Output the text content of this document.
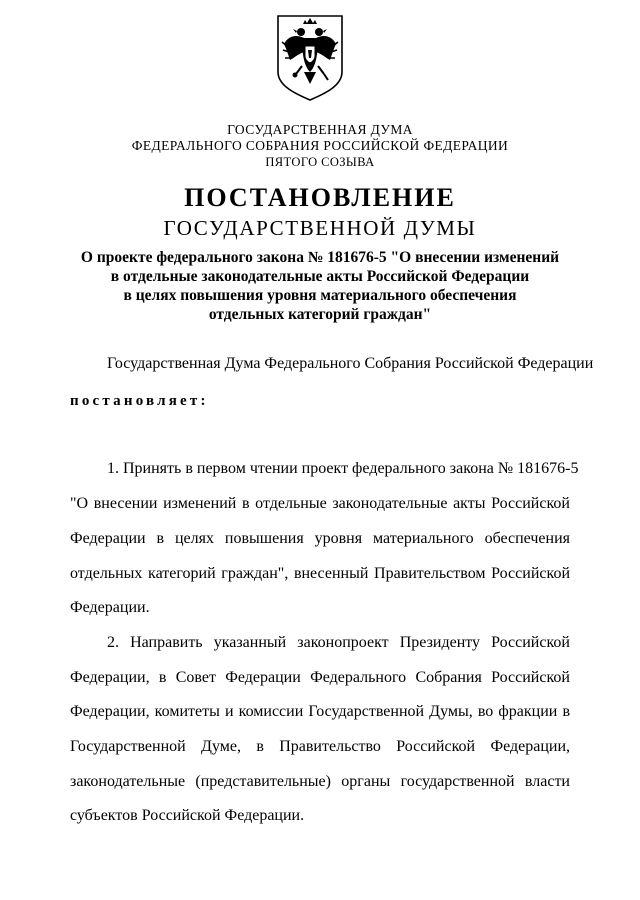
ГОСУДАРСТВЕННАЯ ДУМА
ФЕДЕРАЛЬНОГО СОБРАНИЯ РОССИЙСКОЙ ФЕДЕРАЦИИ
ПЯТОГО СОЗЫВА
ПОСТАНОВЛЕНИЕ
ГОСУДАРСТВЕННОЙ ДУМЫ
О проекте федерального закона № 181676-5 "О внесении изменений
в отдельные законодательные акты Российской Федерации
в целях повышения уровня материального обеспечения
отдельных категорий граждан"
Государственная Дума Федерального Собрания Российской Федерации
постановляет:
1. Принять в первом чтении проект федерального закона № 181676-5
"О внесении изменений в отдельные законодательные акты Российской
Федерации в целях повышения уровня материального обеспечения
отдельных категорий граждан", внесенный Правительством Российской
Федерации.
2. Направить указанный законопроект Президенту Российской
Федерации, в Совет Федерации Федерального Собрания Российской
Федерации, комитеты и комиссии Государственной Думы, во фракции в
Государственной Думе, в Правительство Российской Федерации,
законодательные (представительные) органы государственной власти
субъектов Российской Федерации.
